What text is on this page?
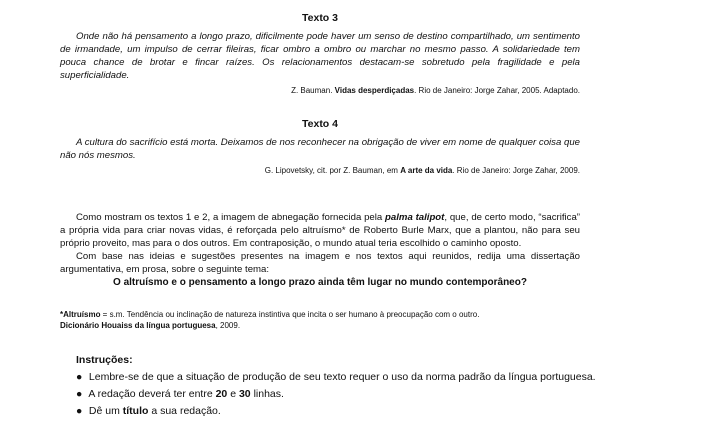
Texto 3

Onde não há pensamento a longo prazo, dificilmente pode haver um senso de destino compartilhado, um sentimento de irmandade, um impulso de cerrar fileiras, ficar ombro a ombro ou marchar no mesmo passo. A solidariedade tem pouca chance de brotar e fincar raízes. Os relacionamentos destacam-se sobretudo pela fragilidade e pela superficialidade.

Z. Bauman. Vidas desperdiçadas. Rio de Janeiro: Jorge Zahar, 2005. Adaptado.
Texto 4

A cultura do sacrifício está morta. Deixamos de nos reconhecer na obrigação de viver em nome de qualquer coisa que não nós mesmos.

G. Lipovetsky, cit. por Z. Bauman, em A arte da vida. Rio de Janeiro: Jorge Zahar, 2009.

Como mostram os textos 1 e 2, a imagem de abnegação fornecida pela palma talipot, que, de certo modo, “sacrifica” a própria vida para criar novas vidas, é reforçada pelo altruísmo* de Roberto Burle Marx, que a plantou, não para seu próprio proveito, mas para o dos outros. Em contraposição, o mundo atual teria escolhido o caminho oposto.

Com base nas ideias e sugestões presentes na imagem e nos textos aqui reunidos, redija uma dissertação argumentativa, em prosa, sobre o seguinte tema:

O altruísmo e o pensamento a longo prazo ainda têm lugar no mundo contemporâneo?
*Altruísmo = s.m. Tendência ou inclinação de natureza instintiva que incita o ser humano à preocupação com o outro.
Dicionário Houaiss da língua portuguesa, 2009.
Instruções:
● Lembre-se de que a situação de produção de seu texto requer o uso da norma padrão da língua portuguesa.
● A redação deverá ter entre 20 e 30 linhas.
● Dê um título a sua redação.
